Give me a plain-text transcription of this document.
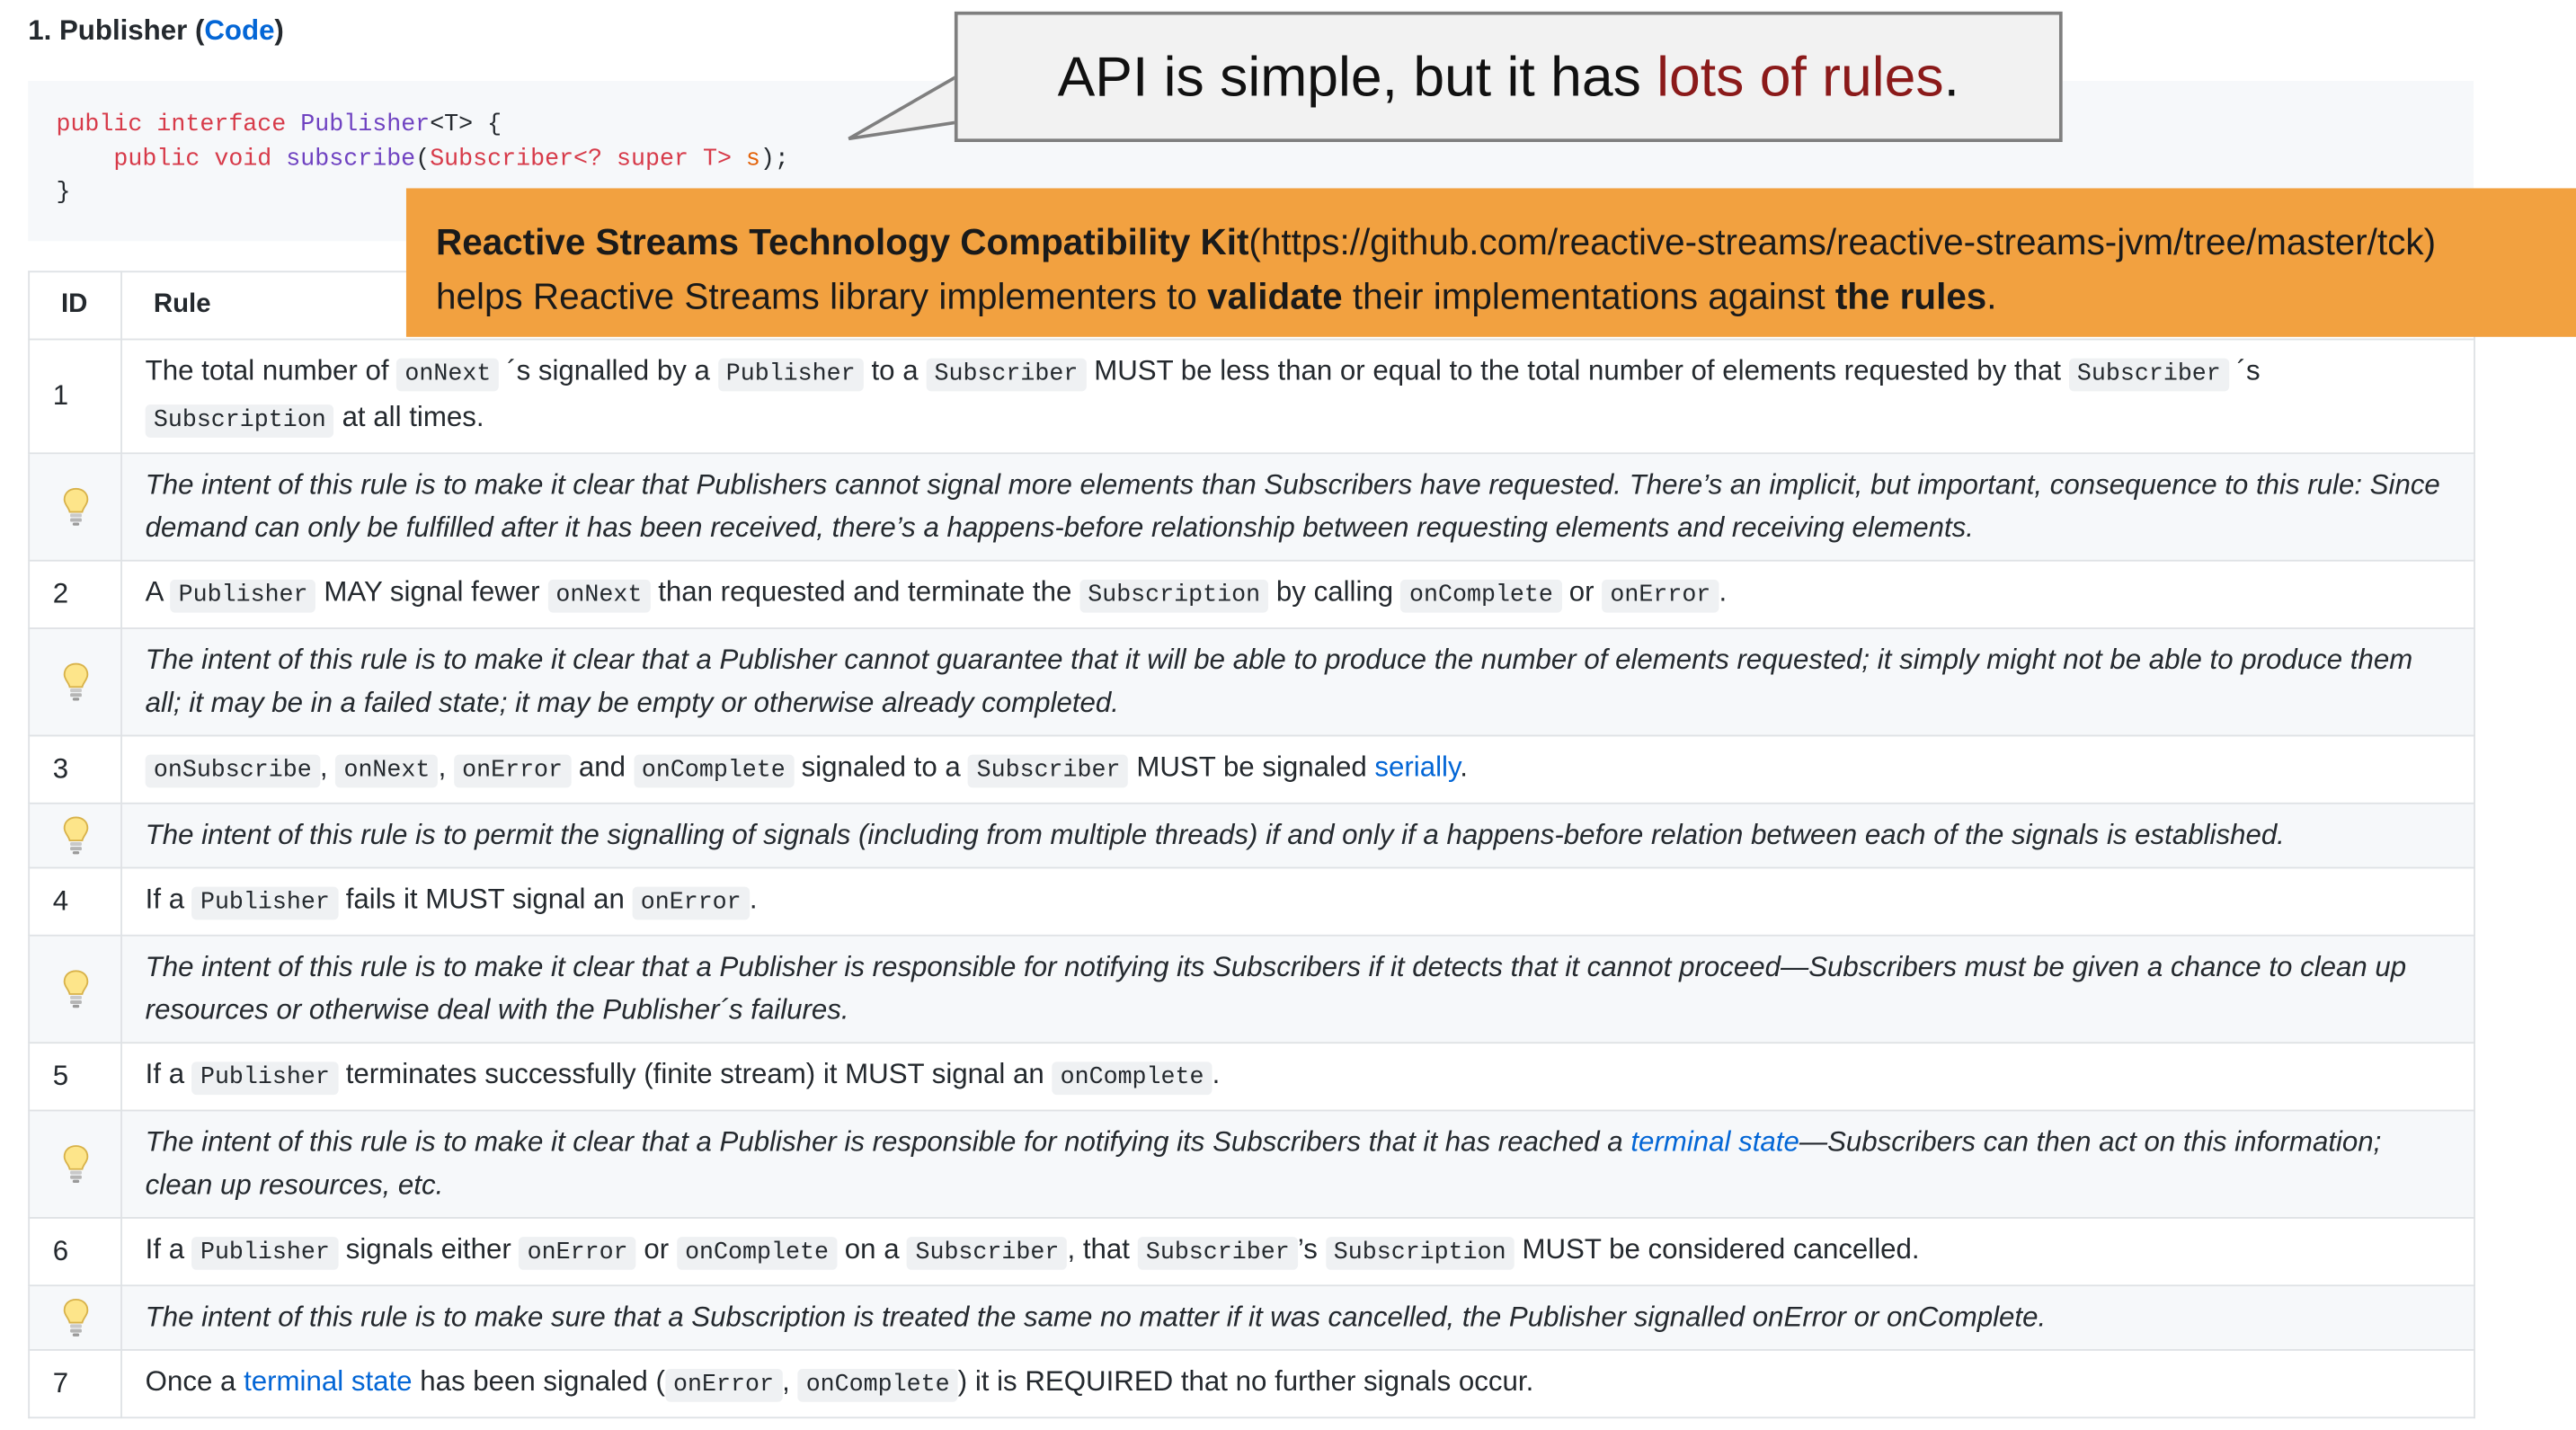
1. Publisher (Code)
public interface Publisher<T> {
public void subscribe(Subscriber<? super T> s);
}
ID	Rule
1	The total number of onNext ´s signalled by a Publisher to a Subscriber MUST be less than or equal to the total number of elements requested by that Subscriber ´s Subscription at all times.

	The intent of this rule is to make it clear that Publishers cannot signal more elements than Subscribers have requested. There’s an implicit, but important, consequence to this rule: Since demand can only be fulfilled after it has been received, there’s a happens-before relationship between requesting elements and receiving elements.
2	A Publisher MAY signal fewer onNext than requested and terminate the Subscription by calling onComplete or onError .

	The intent of this rule is to make it clear that a Publisher cannot guarantee that it will be able to produce the number of elements requested; it simply might not be able to produce them all; it may be in a failed state; it may be empty or otherwise already completed.
3	onSubscribe , onNext , onError and onComplete signaled to a Subscriber MUST be signaled serially.

	The intent of this rule is to permit the signalling of signals (including from multiple threads) if and only if a happens-before relation between each of the signals is established.
4	If a Publisher fails it MUST signal an onError .

	The intent of this rule is to make it clear that a Publisher is responsible for notifying its Subscribers if it detects that it cannot proceed—Subscribers must be given a chance to clean up resources or otherwise deal with the Publisher´s failures.
5	If a Publisher terminates successfully (finite stream) it MUST signal an onComplete .

	The intent of this rule is to make it clear that a Publisher is responsible for notifying its Subscribers that it has reached a terminal state—Subscribers can then act on this information; clean up resources, etc.
6	If a Publisher signals either onError or onComplete on a Subscriber , that Subscriber ’s Subscription MUST be considered cancelled.

	The intent of this rule is to make sure that a Subscription is treated the same no matter if it was cancelled, the Publisher signalled onError or onComplete.
7	Once a terminal state has been signaled ( onError , onComplete ) it is REQUIRED that no further signals occur.
API is simple, but it has lots of rules.
Reactive Streams Technology Compatibility Kit(https://github.com/reactive-streams/reactive-streams-jvm/tree/master/tck)
helps Reactive Streams library implementers to validate their implementations against the rules.
